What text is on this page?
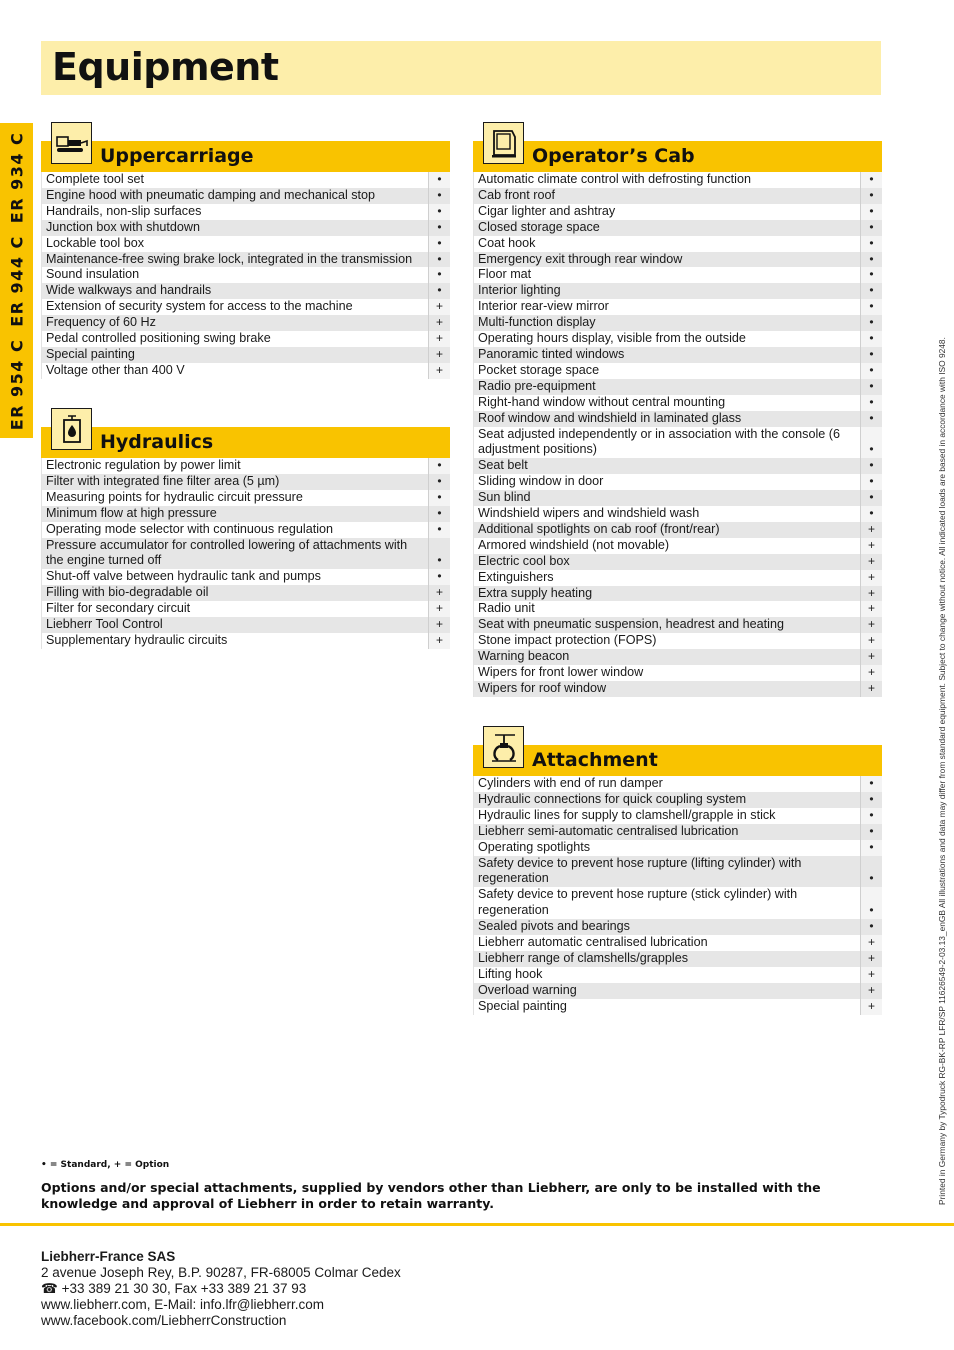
Equipment
ER 954 CER 944 CER 934 C	Uppercarriage
Complete tool set	•
Engine hood with pneumatic damping and mechanical stop	•
Handrails, non-slip surfaces	•
Junction box with shutdown	•
Lockable tool box	•
Maintenance-free swing brake lock, integrated in the transmission	•
Sound insulation	•
Wide walkways and handrails	•
Extension of security system for access to the machine	+
Frequency of 60 Hz	+
Pedal controlled positioning swing brake	+
Special painting	+
Voltage other than 400 V	+
Hydraulics
Electronic regulation by power limit	•
Filter with integrated fine filter area (5 µm)	•
Measuring points for hydraulic circuit pressure	•
Minimum flow at high pressure	•
Operating mode selector with continuous regulation	•
Pressure accumulator for controlled lowering of attachments with the engine turned off	•
Shut-off valve between hydraulic tank and pumps	•
Filling with bio-degradable oil	+
Filter for secondary circuit	+
Liebherr Tool Control	+
Supplementary hydraulic circuits	+
Operator’s Cab
Automatic climate control with defrosting function	•
Cab front roof	•
Cigar lighter and ashtray	•
Closed storage space	•
Coat hook	•
Emergency exit through rear window	•
Floor mat	•
Interior lighting	•
Interior rear-view mirror	•
Multi-function display	•
Operating hours display, visible from the outside	•
Panoramic tinted windows	•
Pocket storage space	•
Radio pre-equipment	•
Right-hand window without central mounting	•
Roof window and windshield in laminated glass	•
Seat adjusted independently or in association with the console (6 adjustment positions)	•
Seat belt	•
Sliding window in door	•
Sun blind	•
Windshield wipers and windshield wash	•
Additional spotlights on cab roof (front/rear)	+
Armored windshield (not movable)	+
Electric cool box	+
Extinguishers	+
Extra supply heating	+
Radio unit	+
Seat with pneumatic suspension, headrest and heating	+
Stone impact protection (FOPS)	+
Warning beacon	+
Wipers for front lower window	+
Wipers for roof window	+
Attachment
Cylinders with end of run damper	•
Hydraulic connections for quick coupling system	•
Hydraulic lines for supply to clamshell/grapple in stick	•
Liebherr semi-automatic centralised lubrication	•
Operating spotlights	•
Safety device to prevent hose rupture (lifting cylinder) with regeneration	•
Safety device to prevent hose rupture (stick cylinder) with regeneration	•
Sealed pivots and bearings	•
Liebherr automatic centralised lubrication	+
Liebherr range of clamshells/grapples	+
Lifting hook	+
Overload warning	+
Special painting	+
• = Standard, + = Option
Options and/or special attachments, supplied by vendors other than Liebherr, are only to be installed with the knowledge and approval of Liebherr in order to retain warranty.
Liebherr-France SAS
2 avenue Joseph Rey, B.P. 90287, FR-68005 Colmar Cedex
☎ +33 389 21 30 30, Fax +33 389 21 37 93
www.liebherr.com, E-Mail: info.lfr@liebherr.com
www.facebook.com/LiebherrConstruction
Printed in Germany by Typodruck RG-BK-RP LFR/SP 11626549-2-03.13_enGB All illustrations and data may differ from standard equipment. Subject to change without notice. All indicated loads are based in accordance with ISO 9248.
